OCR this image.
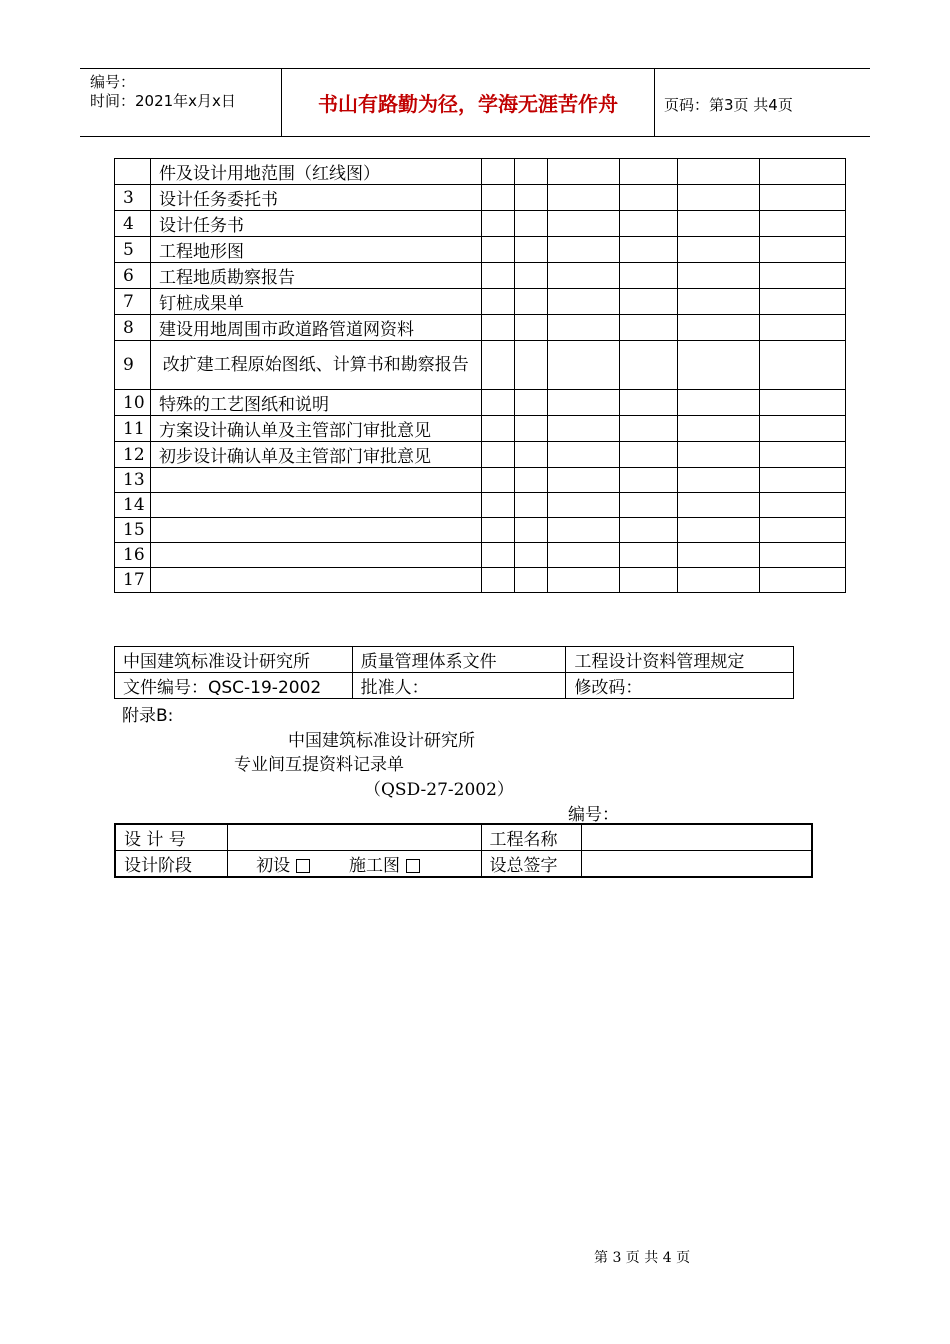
编号：
时间：2021年x月x日	书山有路勤为径，学海无涯苦作舟	页码：第3页 共4页
	件及设计用地范围（红线图）						
3	设计任务委托书						
4	设计任务书						
5	工程地形图						
6	工程地质勘察报告						
7	钉桩成果单						
8	建设用地周围市政道路管道网资料						
9	改扩建工程原始图纸、计算书和勘察报告						
10	特殊的工艺图纸和说明						
11	方案设计确认单及主管部门审批意见						
12	初步设计确认单及主管部门审批意见						
13							
14							
15							
16							
17							
中国建筑标准设计研究所	质量管理体系文件	工程设计资料管理规定
文件编号：QSC-19-2002	批准人：	修改码：
附录B:
中国建筑标准设计研究所
专业间互提资料记录单
（QSD-27-2002）
编号：
设 计 号		工程名称	
设计阶段	初设 施工图	设总签字	
第 3 页 共 4 页
